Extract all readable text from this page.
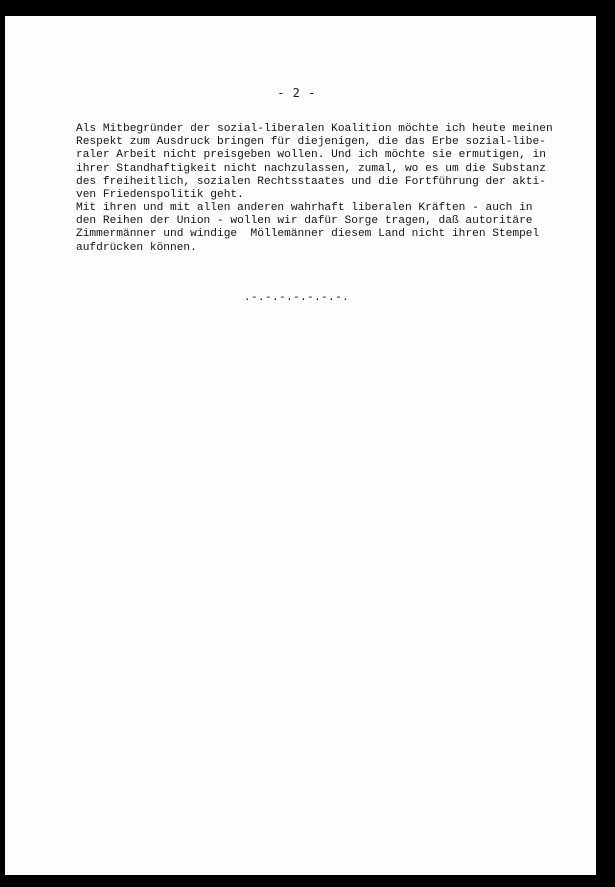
- 2 -

Als Mitbegründer der sozial-liberalen Koalition möchte ich heute meinen
Respekt zum Ausdruck bringen für diejenigen, die das Erbe sozial-libe-
raler Arbeit nicht preisgeben wollen. Und ich möchte sie ermutigen, in
ihrer Standhaftigkeit nicht nachzulassen, zumal, wo es um die Substanz
des freiheitlich, sozialen Rechtsstaates und die Fortführung der akti-
ven Friedenspolitik geht.

Mit ihren und mit allen anderen wahrhaft liberalen Kräften - auch in
den Reihen der Union - wollen wir dafür Sorge tragen, daß autoritäre
Zimmermänner und windige  Möllemänner diesem Land nicht ihren Stempel
aufdrücken können.

.-.-.-.-.-.-.-.
